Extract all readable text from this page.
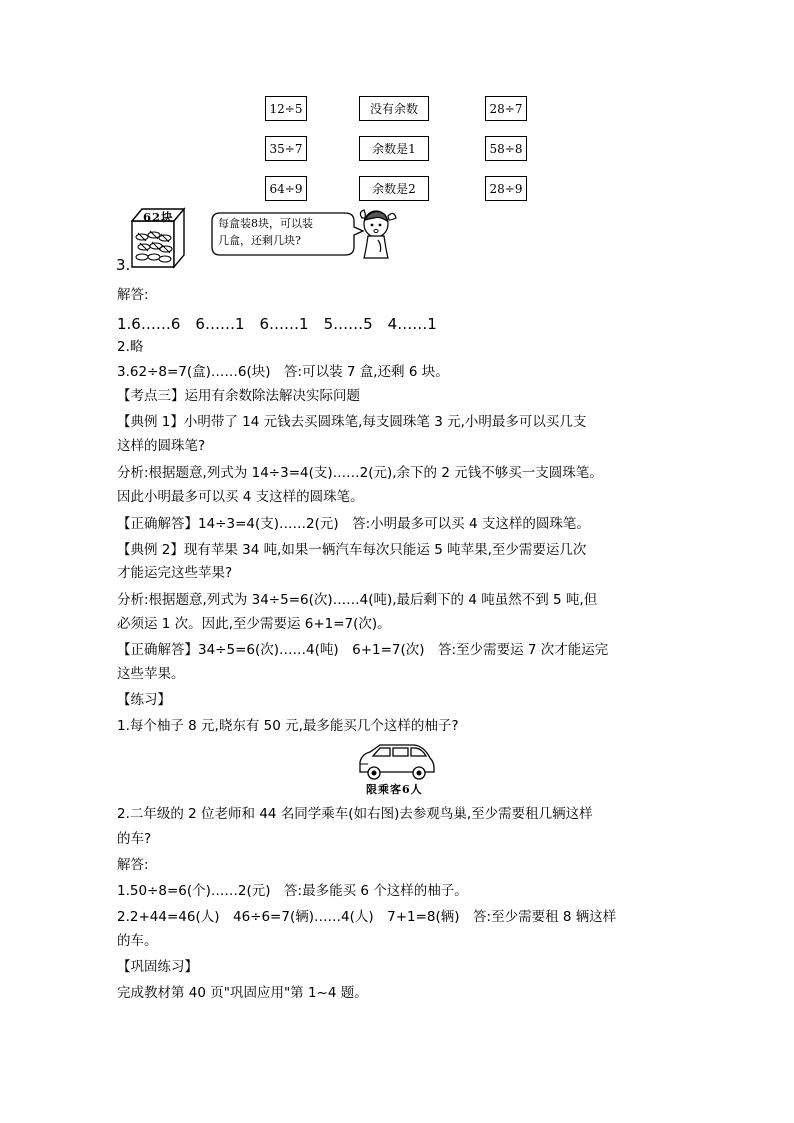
12÷5
35÷7
64÷9
没有余数
余数是1
余数是2
28÷7
58÷8
28÷9
62块	每盒装8块，可以装
几盒，还剩几块?
3.
解答:
1.6……6　6……1　6……1　5……5　4……1
2.略
3.62÷8=7(盒)……6(块)　答:可以装 7 盒,还剩 6 块。
【考点三】运用有余数除法解决实际问题
【典例 1】小明带了 14 元钱去买圆珠笔,每支圆珠笔 3 元,小明最多可以买几支
这样的圆珠笔?
分析:根据题意,列式为 14÷3=4(支)……2(元),余下的 2 元钱不够买一支圆珠笔。
因此小明最多可以买 4 支这样的圆珠笔。
【正确解答】14÷3=4(支)……2(元)　答:小明最多可以买 4 支这样的圆珠笔。
【典例 2】现有苹果 34 吨,如果一辆汽车每次只能运 5 吨苹果,至少需要运几次
才能运完这些苹果?
分析:根据题意,列式为 34÷5=6(次)……4(吨),最后剩下的 4 吨虽然不到 5 吨,但
必须运 1 次。因此,至少需要运 6+1=7(次)。
【正确解答】34÷5=6(次)……4(吨)　6+1=7(次)　答:至少需要运 7 次才能运完
这些苹果。
【练习】
1.每个柚子 8 元,晓东有 50 元,最多能买几个这样的柚子?
限乘客6人
2.二年级的 2 位老师和 44 名同学乘车(如右图)去参观鸟巢,至少需要租几辆这样
的车?
解答:
1.50÷8=6(个)……2(元)　答:最多能买 6 个这样的柚子。
2.2+44=46(人)　46÷6=7(辆)……4(人)　7+1=8(辆)　答:至少需要租 8 辆这样
的车。
【巩固练习】
完成教材第 40 页"巩固应用"第 1~4 题。
